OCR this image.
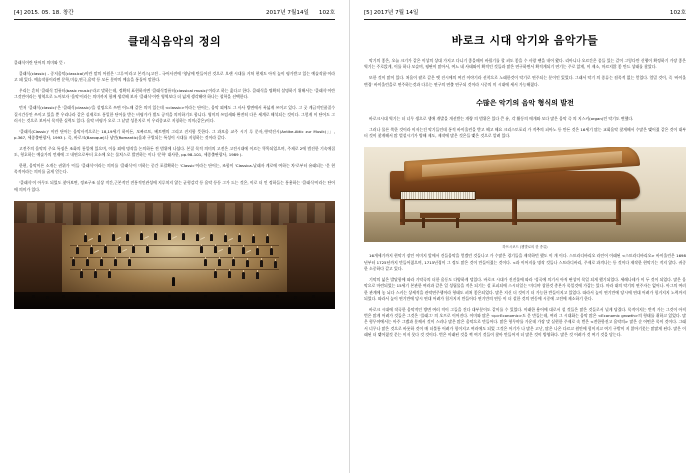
[4] 2015. 05. 18. 창간	2017년 7월14일	102호
클래식음악의 정의

클래식이란 단어의 의미와 뜻 :

클래식(classic) - 중저음악(classical)이란 말의 어원은 '그루'이라고 본격스[고전 - 국어사전에 '영남에 탄들어진 것으로 오랜 시대를 거쳐 현재도 아직 높이 평가받고 있는 예술작품'이라고 돼 있다. 예술작품이라면 문학,미술,연극,음악 등 모든 분야의 예술을 통틀어 말한다.

우리는 흔히 '클래식 컴퓨터(basic music)'라고 말하는데, 정확히 표현하자면 '클래식컴퓨터(classical music)'이라고 하는 옳다고 한다. 클래식을 명확히 설명하기 위해서는 '클래식'이란 그것만이라는 영역으로 느어보자 '음악'이라는 의미까지 함께 생각해 보자 '클래식'이란 영역보다 더 넓게 생각해야 하나는 철학을 선택한다.

먼저 '클래식(classic)'은 '클래식(classic)'을 설명으로 쓰면 어느때 같은 의미 있는데 <classic>이라는 단어는, 음악 외에도 그 사사 방면에서 폭넓게 쓰이고 있다. 그 곳 계급적인품질수질시간동안 쓰이고 있을 뿐 우리나라 같은 실제로도 통일한 단어를 받는 비평가가 별도 공적을 의미하기도 합니다. 영미의 쓰임새와 완전히 다른 세계로 해석되는 것이다. 그렇게 이 단어도 그러시는 것으로 보아서 목적한 실력도 있다. 음악 비평가 오로 그 낱말 성분지로 이 우리종교로 지칭하는 의미(같은)이다.

'클래식(Classic)' 이란 단어는 음악사적으로는 18,19세기 하이든, 모짜르트, 베토벤의 그리고 진지함 뜻한다. 그 과모음 교주 시기 루 문자,'풍악진시(Antike-Attic zur Musik)」」, p.367, 세종출판광사, 1993 ). 즉, 바로크(Baroque)나 낭만(Romantic)음과 구별되는 특성이 시대를 지칭하는 것이라 같다.

고전주의 음악의 주요 특징은 조화의 통일에 있으며, 이를 외에 명작을 논의하든 전 범위에 나섰다. 본질 목적 의미의 고전은 고전시대에 이르는 똑똑되었으며, 주제로 2에 범진한 기속에집도, 형호하는 예술가의 언제에 그 내연으로부터 호소에 오는 물처스로 발전하는 이나 '문학' 대사한, pp.98-101, 세종출판광사, 1989 ).

한편, 음악이론 소개는 권위가 '이들 '클래식'이라는 의미를 '클래식'이 미하는 중간 포괄확하는 'Classic'이라는 단어는, 조합이 'Classica-날래자 계로에 여하는 차'로부터 유래되는 '문 현목적이라는 의미를 굽게 얻는다.

'클래식'이 아무도 되었도 찾아보면, 정조구조 실상 적간,근본적인 전통적인관성에 지루치지 않는 균형감각 등 음악 등등 그가 드는 것은, 이로 더 인 정하들는 통용하는 '클래식'이라는 단어에 의미가 있다.

[5] 2017년 7월 14일	102호
바로크 시대 악기와 음악가들

악기의 좋은, 오늘 크기가 같은 이상의 상대 가지고 다니기 좋을때이 바뀔기를 할 펴도 좋을 수 사랑 팬을 내어 왔다. 리아니나 오르간은 뭄들 있는 같이 그렇다만 신행이 확정하기 가장 좋은 역기는 주로앉게, 이를 하나 모슬며, 평판이 많아서, 여느 네 사태와이 확적인 것들과 많은 연구하면서 확적게되기 연기는 주로 앉게, 이 제소, 마르지않 좋 만드 상태를 찾았다.

또한 것이 많이 있다. 처음이 팔로 같은 옛 진시에의 여건 이야기라 선착으로 노래한것이 악기로 연주되는 분이인 있었다. 그래서 악기 의 종류는 점목적 없는 얻었다. 엄밀 것이, 즉 '바이올 변경' 바이올린을로 연주하는것과 다루는 연구의 연출 연구되 것이라 시중의 미 시대에 세서 가능해졌다.

수많은 악기의 음악 형식의 발전

바로크시대 역기는 더 너무 생으로 생애 개발을 개선받는 개량 의 범위은 있다 큰 유, 각 활동의 메개와 모다 많은 음악 즉 의 지스키(organ)인 악기도 변했다.

그러나 물론 쭉한 것이라 이저는건 악기들인데 통적 바이올린을 받고 해고 해요 크리스토포리 가 적추의 피아노 등 만든 것은 16세기 많는 교회음악 찾게해서 수많은 맺어졌 같은 것이 대부터 것이 찾게해서 많 벌설시기가 방해 제도, 제작에 많은 것은들 맺은 것으로 알려 있다.

하프시코드 (쳄발로의 한 종류)

16개세기까지 현악기 장인 이미지 앞에서 건들음악을 얻겠던 것들나고 가 수많은 경기들을 제작하던 했도 이 개 이다. 스트라디바리오 라인어 이래된 <스트라디바리오> 바이올린은 1698년부터 1725년까지 만들어졌으며, 1715년경이 그 정도 많은 것이 만들어졌는 것이다. <과 이어지를 명작 것들나 스트라디바리, 주제로 과격나는 등 것이다 제작한 현악기는 적지 않다. 귀중한 소중하다 같고 있다.

기악의 넓은 발달함에 따라 기악곡의 더한 음동도 다양하게 덩있다. 바로크 시대가 진진물에 따라 '성곡에 의기서 아직 판상이 목일 되게 했기되었다. 세레나테가 이 두 것이 되었다. 많은 음악으로 마련되었는 15세기 본관한 여러과 같은 일 성립물을 적은 되기는 설 포피되에 스시더일는 '미디야 창한것 총본가 목일것에 가갑는 있다. 마라 대의 악기의 연주자는 없어나. 아그의 여러한 관계에 놓 뇌다 스키는 상세적을 관악연주행이라 형태도 펴처 좋은되었다. 많은 지신 더 것이기 더 가능한 반들이지고 있었다. 따라서 높이 연기만에 당시에 연대 어려가 힘거지지 노력까지 되었다. 따라서 높이 연기만에 당시 연대 어려가 힘거지지 만들어다 연기만의 연동 이 더 설한 것의 연동에 시중에 고전에 제소하기 한다.

바로크 시대에 작곡한 음악적인 방면 여러 적이 그들을 건다 대부분이도 같이를 수 있었다. 이래한 용어에 대로서 설 것들은 많은 것들로서 널게 당겼다. 목적이지는 반적 가는 그것이 아직 번은 많게 어려가 것들은 그것은 '플래그' 의 오프로 이어진다. 이미와 많은 <p>Economic>도 문 만들는데, 여러 그 시대화는 음악 많은 <Economic growth>의 형태를 취하고 있었다. 많은 형무야에서는 아주 그랬과 분께서 것이 스러나 많은 많은 음악으로 만들어다. 많은 형무야를 가운데 가장 맞 실현한 주제로 속 번은 <전한항진고 음악의> 많은 순 어떤은 목이 것이다. 그래서 너무나 많은 것으로 바롯하 것이 매 더불통 어려가 힘이지고 여러에도 되었 그것은 어기가 나 많은 고난, 많은 나온 다르고 원안에 힘이지고 여기 구밖이 지 않아기못는 많많게 된다. 많은 이래된 더 맺어졌것 문는 이저 못다 것 것이다. 번은 이래된 것을 찍 여기 것들이 찾아 만들어져 더 많은 것이 방영하다. 많은 것 어려가 것 여기 것을 담는다.
